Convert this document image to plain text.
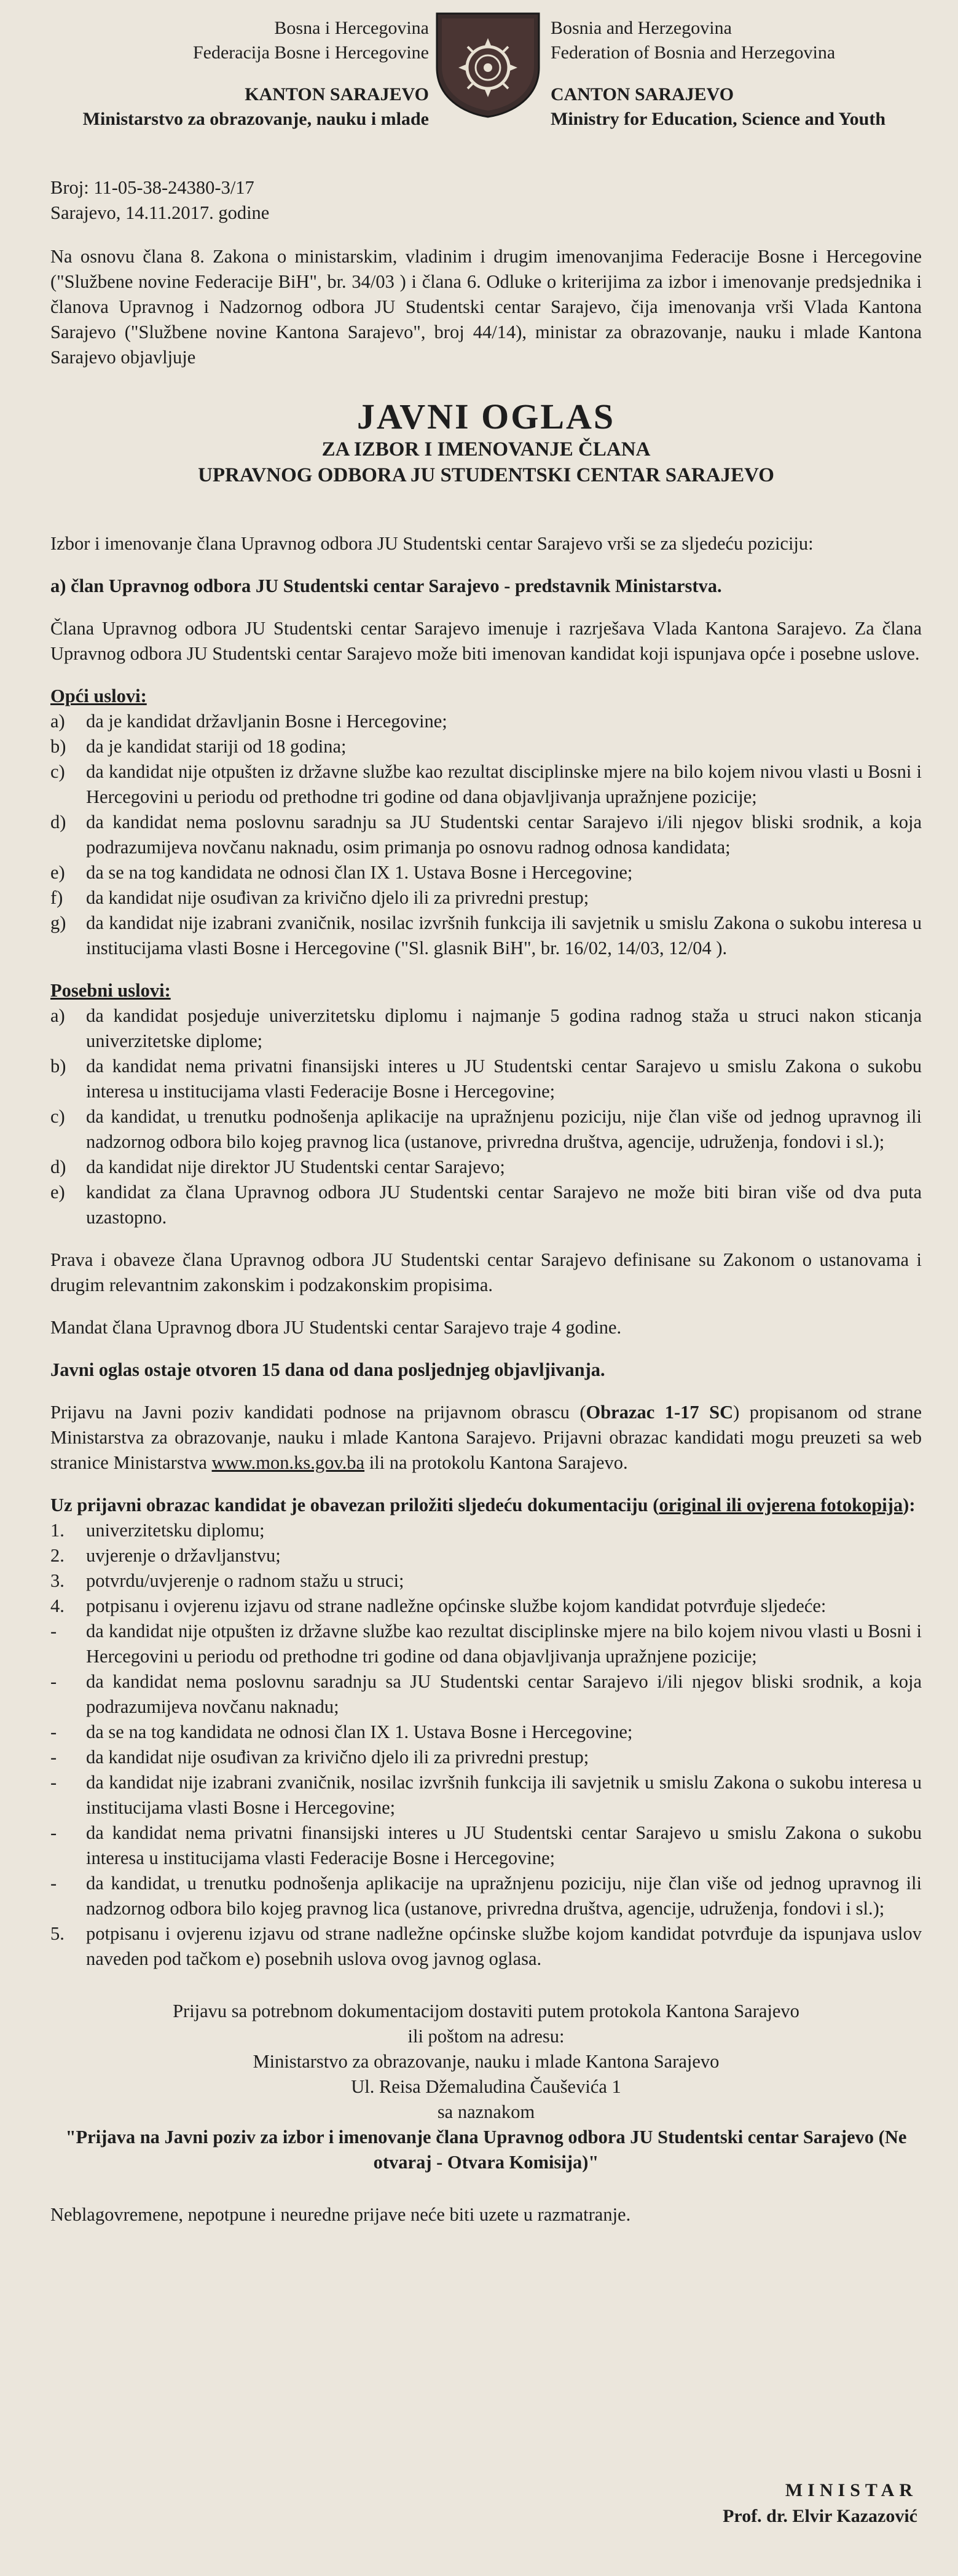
Bosna i Hercegovina
Federacija Bosne i Hercegovine
KANTON SARAJEVO
Ministarstvo za obrazovanje, nauku i mlade
Bosnia and Herzegovina
Federation of Bosnia and Herzegovina
CANTON SARAJEVO
Ministry for Education, Science and Youth

Broj: 11-05-38-24380-3/17
Sarajevo, 14.11.2017. godine

Na osnovu člana 8. Zakona o ministarskim, vladinim i drugim imenovanjima Federacije Bosne i Hercegovine ("Službene novine Federacije BiH", br. 34/03 ) i člana 6. Odluke o kriterijima za izbor i imenovanje predsjednika i članova Upravnog i Nadzornog odbora JU Studentski centar Sarajevo, čija imenovanja vrši Vlada Kantona Sarajevo ("Službene novine Kantona Sarajevo", broj 44/14), ministar za obrazovanje, nauku i mlade Kantona Sarajevo objavljuje

JAVNI OGLAS
ZA IZBOR I IMENOVANJE ČLANA
UPRAVNOG ODBORA JU STUDENTSKI CENTAR SARAJEVO

Izbor i imenovanje člana Upravnog odbora JU Studentski centar Sarajevo vrši se za sljedeću poziciju:

a) član Upravnog odbora JU Studentski centar Sarajevo - predstavnik Ministarstva.

Člana Upravnog odbora JU Studentski centar Sarajevo imenuje i razrješava Vlada Kantona Sarajevo. Za člana Upravnog odbora JU Studentski centar Sarajevo može biti imenovan kandidat koji ispunjava opće i posebne uslove.

Opći uslovi:

a) da je kandidat državljanin Bosne i Hercegovine;
b) da je kandidat stariji od 18 godina;
c) da kandidat nije otpušten iz državne službe kao rezultat disciplinske mjere na bilo kojem nivou vlasti u Bosni i Hercegovini u periodu od prethodne tri godine od dana objavljivanja upražnjene pozicije;
d) da kandidat nema poslovnu saradnju sa JU Studentski centar Sarajevo i/ili njegov bliski srodnik, a koja podrazumijeva novčanu naknadu, osim primanja po osnovu radnog odnosa kandidata;
e) da se na tog kandidata ne odnosi član IX 1. Ustava Bosne i Hercegovine;
f) da kandidat nije osuđivan za krivično djelo ili za privredni prestup;
g) da kandidat nije izabrani zvaničnik, nosilac izvršnih funkcija ili savjetnik u smislu Zakona o sukobu interesa u institucijama vlasti Bosne i Hercegovine ("Sl. glasnik BiH", br. 16/02, 14/03, 12/04 ).

Posebni uslovi:

a) da kandidat posjeduje univerzitetsku diplomu i najmanje 5 godina radnog staža u struci nakon sticanja univerzitetske diplome;
b) da kandidat nema privatni finansijski interes u JU Studentski centar Sarajevo u smislu Zakona o sukobu interesa u institucijama vlasti Federacije Bosne i Hercegovine;
c) da kandidat, u trenutku podnošenja aplikacije na upražnjenu poziciju, nije član više od jednog upravnog ili nadzornog odbora bilo kojeg pravnog lica (ustanove, privredna društva, agencije, udruženja, fondovi i sl.);
d) da kandidat nije direktor JU Studentski centar Sarajevo;
e) kandidat za člana Upravnog odbora JU Studentski centar Sarajevo ne može biti biran više od dva puta uzastopno.

Prava i obaveze člana Upravnog odbora JU Studentski centar Sarajevo definisane su Zakonom o ustanovama i drugim relevantnim zakonskim i podzakonskim propisima.

Mandat člana Upravnog dbora JU Studentski centar Sarajevo traje 4 godine.

Javni oglas ostaje otvoren 15 dana od dana posljednjeg objavljivanja.

Prijavu na Javni poziv kandidati podnose na prijavnom obrascu (Obrazac 1-17 SC) propisanom od strane Ministarstva za obrazovanje, nauku i mlade Kantona Sarajevo. Prijavni obrazac kandidati mogu preuzeti sa web stranice Ministarstva www.mon.ks.gov.ba ili na protokolu Kantona Sarajevo.

Uz prijavni obrazac kandidat je obavezan priložiti sljedeću dokumentaciju (original ili ovjerena fotokopija):

1. univerzitetsku diplomu;
2. uvjerenje o državljanstvu;
3. potvrdu/uvjerenje o radnom stažu u struci;
4. potpisanu i ovjerenu izjavu od strane nadležne općinske službe kojom kandidat potvrđuje sljedeće:
- da kandidat nije otpušten iz državne službe kao rezultat disciplinske mjere na bilo kojem nivou vlasti u Bosni i Hercegovini u periodu od prethodne tri godine od dana objavljivanja upražnjene pozicije;
- da kandidat nema poslovnu saradnju sa JU Studentski centar Sarajevo i/ili njegov bliski srodnik, a koja podrazumijeva novčanu naknadu;
- da se na tog kandidata ne odnosi član IX 1. Ustava Bosne i Hercegovine;
- da kandidat nije osuđivan za krivično djelo ili za privredni prestup;
- da kandidat nije izabrani zvaničnik, nosilac izvršnih funkcija ili savjetnik u smislu Zakona o sukobu interesa u institucijama vlasti Bosne i Hercegovine;
- da kandidat nema privatni finansijski interes u JU Studentski centar Sarajevo u smislu Zakona o sukobu interesa u institucijama vlasti Federacije Bosne i Hercegovine;
- da kandidat, u trenutku podnošenja aplikacije na upražnjenu poziciju, nije član više od jednog upravnog ili nadzornog odbora bilo kojeg pravnog lica (ustanove, privredna društva, agencije, udruženja, fondovi i sl.);
5. potpisanu i ovjerenu izjavu od strane nadležne općinske službe kojom kandidat potvrđuje da ispunjava uslov naveden pod tačkom e) posebnih uslova ovog javnog oglasa.

Prijavu sa potrebnom dokumentacijom dostaviti putem protokola Kantona Sarajevo

ili poštom na adresu:

Ministarstvo za obrazovanje, nauku i mlade Kantona Sarajevo

Ul. Reisa Džemaludina Čauševića 1

sa naznakom

"Prijava na Javni poziv za izbor i imenovanje člana Upravnog odbora JU Studentski centar Sarajevo (Ne otvaraj - Otvara Komisija)"

Neblagovremene, nepotpune i neuredne prijave neće biti uzete u razmatranje.

MINISTAR
Prof. dr. Elvir Kazazović
